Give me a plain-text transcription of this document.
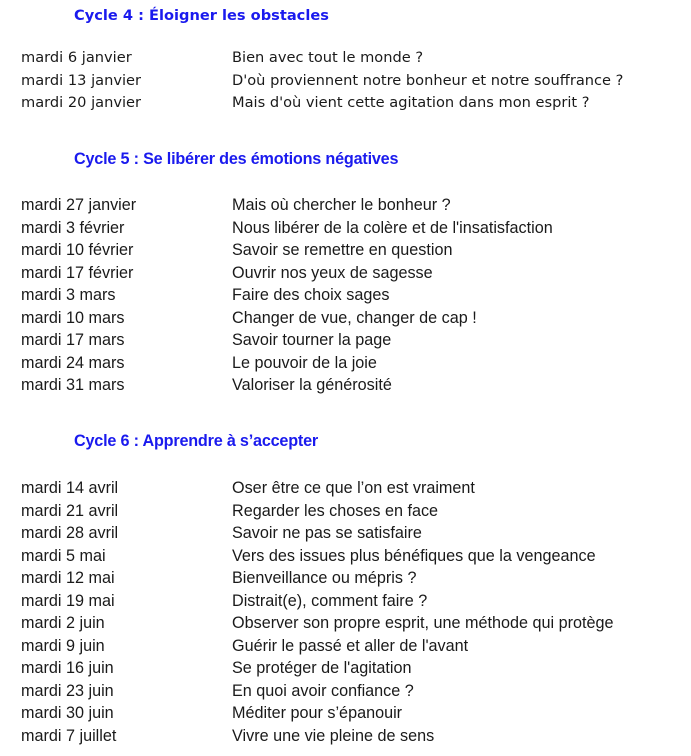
Cycle 4 : Éloigner les obstacles
mardi 6 janvier	Bien avec tout le monde ?
mardi 13 janvier	D'où proviennent notre bonheur et notre souffrance ?
mardi 20 janvier	Mais d'où vient cette agitation dans mon esprit ?
Cycle 5 : Se libérer des émotions négatives
mardi 27 janvier	Mais où chercher le bonheur ?
mardi 3 février	Nous libérer de la colère et de l'insatisfaction
mardi 10 février	Savoir se remettre en question
mardi 17 février	Ouvrir nos yeux de sagesse
mardi 3 mars	Faire des choix sages
mardi 10 mars	Changer de vue, changer de cap !
mardi 17 mars	Savoir tourner la page
mardi 24 mars	Le pouvoir de la joie
mardi 31 mars	Valoriser la générosité
Cycle 6 : Apprendre à s’accepter
mardi 14 avril	Oser être ce que l’on est vraiment
mardi 21 avril	Regarder les choses en face
mardi 28 avril	Savoir ne pas se satisfaire
mardi 5 mai	Vers des issues plus bénéfiques que la vengeance
mardi 12 mai	Bienveillance ou mépris ?
mardi 19 mai	Distrait(e), comment faire ?
mardi 2 juin	Observer son propre esprit, une méthode qui protège
mardi 9 juin	Guérir le passé et aller de l'avant
mardi 16 juin	Se protéger de l'agitation
mardi 23 juin	En quoi avoir confiance ?
mardi 30 juin	Méditer pour s’épanouir
mardi 7 juillet	Vivre une vie pleine de sens
